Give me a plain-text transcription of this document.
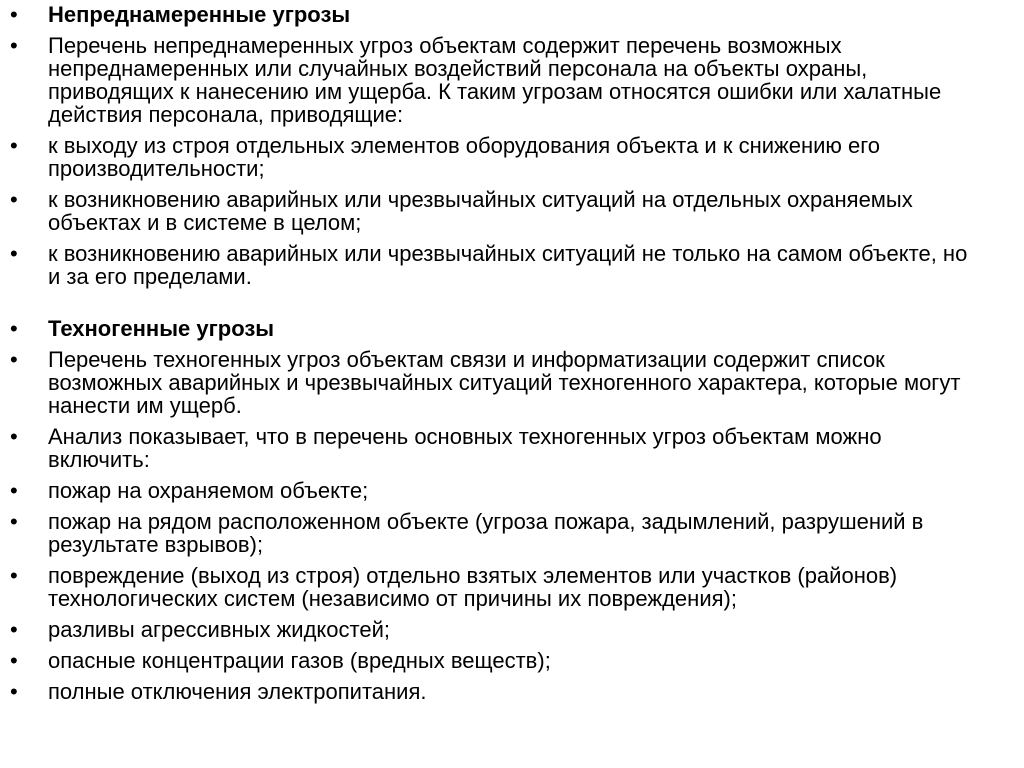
•	Непреднамеренные угрозы
•	Перечень непреднамеренных угроз объектам содержит перечень возможных непреднамеренных или случайных воздействий персонала на объекты охраны, приводящих к нанесению им ущерба. К таким угрозам относятся ошибки или халатные действия персонала, приводящие:
•	к выходу из строя отдельных элементов оборудования объекта и к снижению его производительности;
•	к возникновению аварийных или чрезвычайных ситуаций на отдельных охраняемых объектах и в системе в целом;
•	к возникновению аварийных или чрезвычайных ситуаций не только на самом объекте, но и за его пределами.
•	Техногенные угрозы
•	Перечень техногенных угроз объектам связи и информатизации содержит список возможных аварийных и чрезвычайных ситуаций техногенного характера, которые могут нанести им ущерб.
•	Анализ показывает, что в перечень основных техногенных угроз объектам можно включить:
•	пожар на охраняемом объекте;
•	пожар на рядом расположенном объекте (угроза пожара, задымлений, разрушений в результате взрывов);
•	повреждение (выход из строя) отдельно взятых элементов или участков (районов) технологических систем (независимо от причины их повреждения);
•	разливы агрессивных жидкостей;
•	опасные концентрации газов (вредных веществ);
•	полные отключения электропитания.
